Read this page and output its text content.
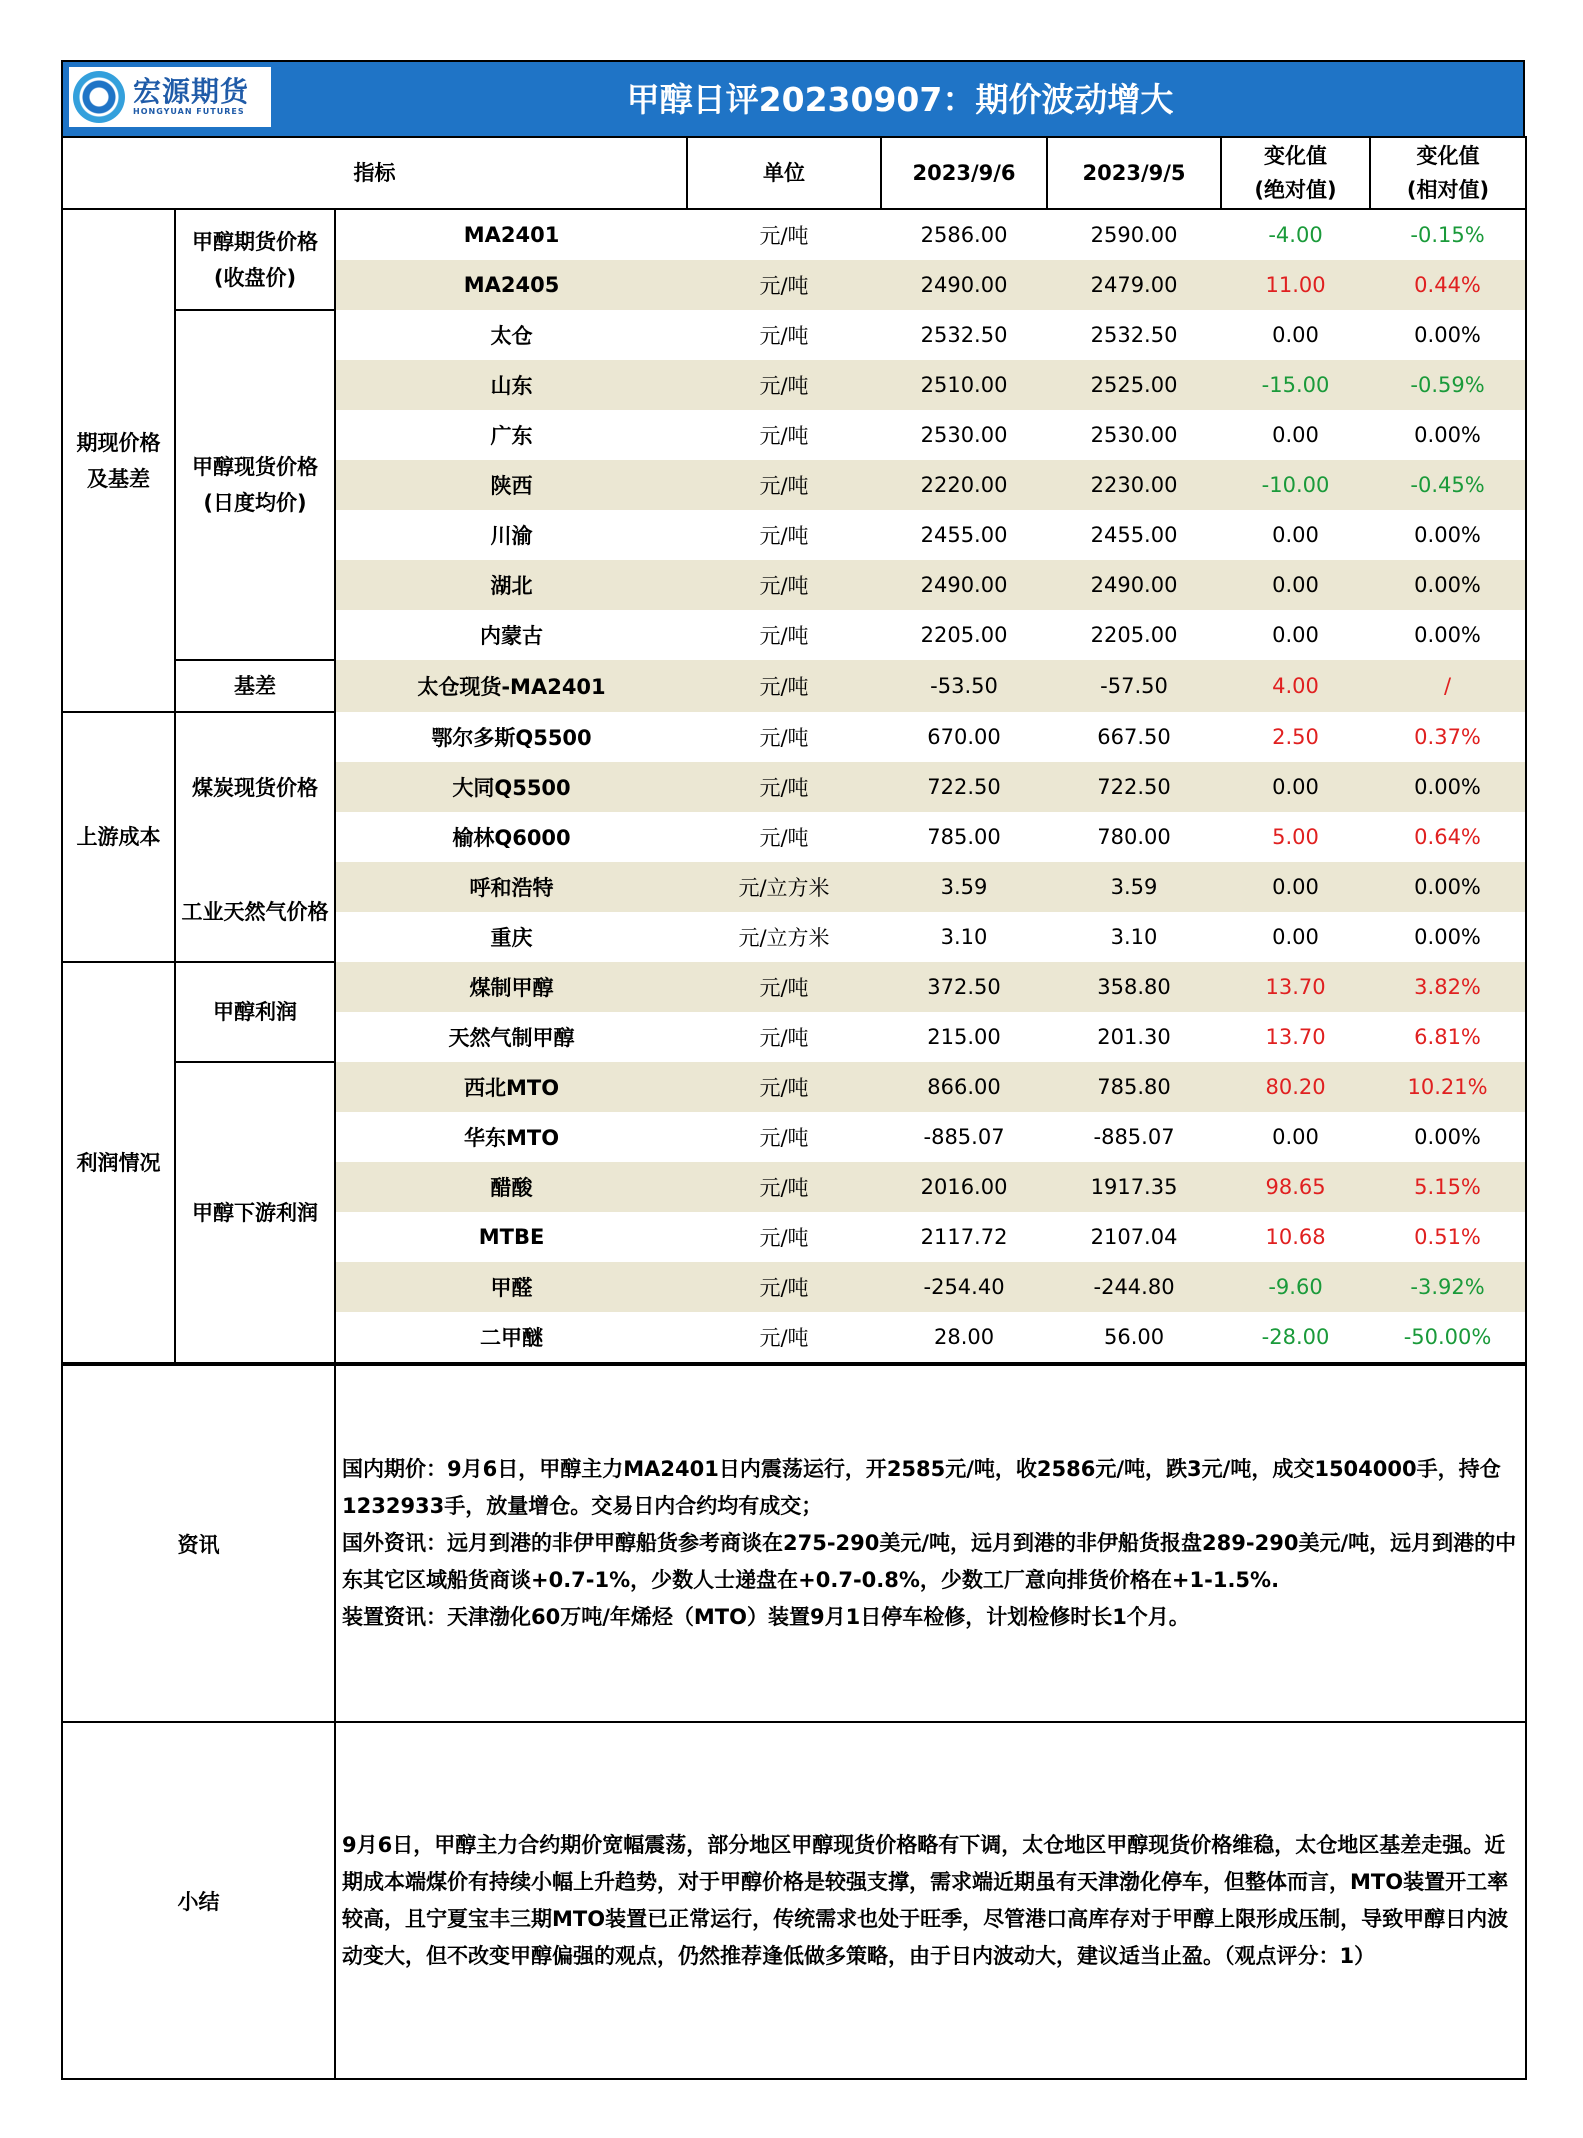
宏源期货
HONGYUAN FUTURES	甲醇日评20230907：期价波动增大
指标			单位	2023/9/6	2023/9/5	变化值
(绝对值)	变化值
(相对值)
期现价格
及基差	甲醇期货价格
(收盘价)	MA2401	元/吨	2586.00	2590.00	-4.00	-0.15%
		MA2405	元/吨	2490.00	2479.00	11.00	0.44%
	甲醇现货价格
(日度均价)	太仓	元/吨	2532.50	2532.50	0.00	0.00%
		山东	元/吨	2510.00	2525.00	-15.00	-0.59%
		广东	元/吨	2530.00	2530.00	0.00	0.00%
		陕西	元/吨	2220.00	2230.00	-10.00	-0.45%
		川渝	元/吨	2455.00	2455.00	0.00	0.00%
		湖北	元/吨	2490.00	2490.00	0.00	0.00%
		内蒙古	元/吨	2205.00	2205.00	0.00	0.00%
	基差	太仓现货-MA2401	元/吨	-53.50	-57.50	4.00	/
上游成本	煤炭现货价格	鄂尔多斯Q5500	元/吨	670.00	667.50	2.50	0.37%
		大同Q5500	元/吨	722.50	722.50	0.00	0.00%
		榆林Q6000	元/吨	785.00	780.00	5.00	0.64%
	工业天然气价格	呼和浩特	元/立方米	3.59	3.59	0.00	0.00%
		重庆	元/立方米	3.10	3.10	0.00	0.00%
利润情况	甲醇利润	煤制甲醇	元/吨	372.50	358.80	13.70	3.82%
		天然气制甲醇	元/吨	215.00	201.30	13.70	6.81%
	甲醇下游利润	西北MTO	元/吨	866.00	785.80	80.20	10.21%
		华东MTO	元/吨	-885.07	-885.07	0.00	0.00%
		醋酸	元/吨	2016.00	1917.35	98.65	5.15%
		MTBE	元/吨	2117.72	2107.04	10.68	0.51%
		甲醛	元/吨	-254.40	-244.80	-9.60	-3.92%
		二甲醚	元/吨	28.00	56.00	-28.00	-50.00%
资讯	国内期价：9月6日，甲醇主力MA2401日内震荡运行，开2585元/吨，收2586元/吨，跌3元/吨，成交1504000手，持仓1232933手，放量增仓。交易日内合约均有成交；
国外资讯：远月到港的非伊甲醇船货参考商谈在275-290美元/吨，远月到港的非伊船货报盘289-290美元/吨，远月到港的中东其它区域船货商谈+0.7-1%，少数人士递盘在+0.7-0.8%，少数工厂意向排货价格在+1-1.5%.
装置资讯：天津渤化60万吨/年烯烃（MTO）装置9月1日停车检修，计划检修时长1个月。

小结	9月6日，甲醇主力合约期价宽幅震荡，部分地区甲醇现货价格略有下调，太仓地区甲醇现货价格维稳，太仓地区基差走强。近期成本端煤价有持续小幅上升趋势，对于甲醇价格是较强支撑，需求端近期虽有天津渤化停车，但整体而言，MTO装置开工率较高，且宁夏宝丰三期MTO装置已正常运行，传统需求也处于旺季，尽管港口高库存对于甲醇上限形成压制，导致甲醇日内波动变大，但不改变甲醇偏强的观点，仍然推荐逢低做多策略，由于日内波动大，建议适当止盈。（观点评分：1）
